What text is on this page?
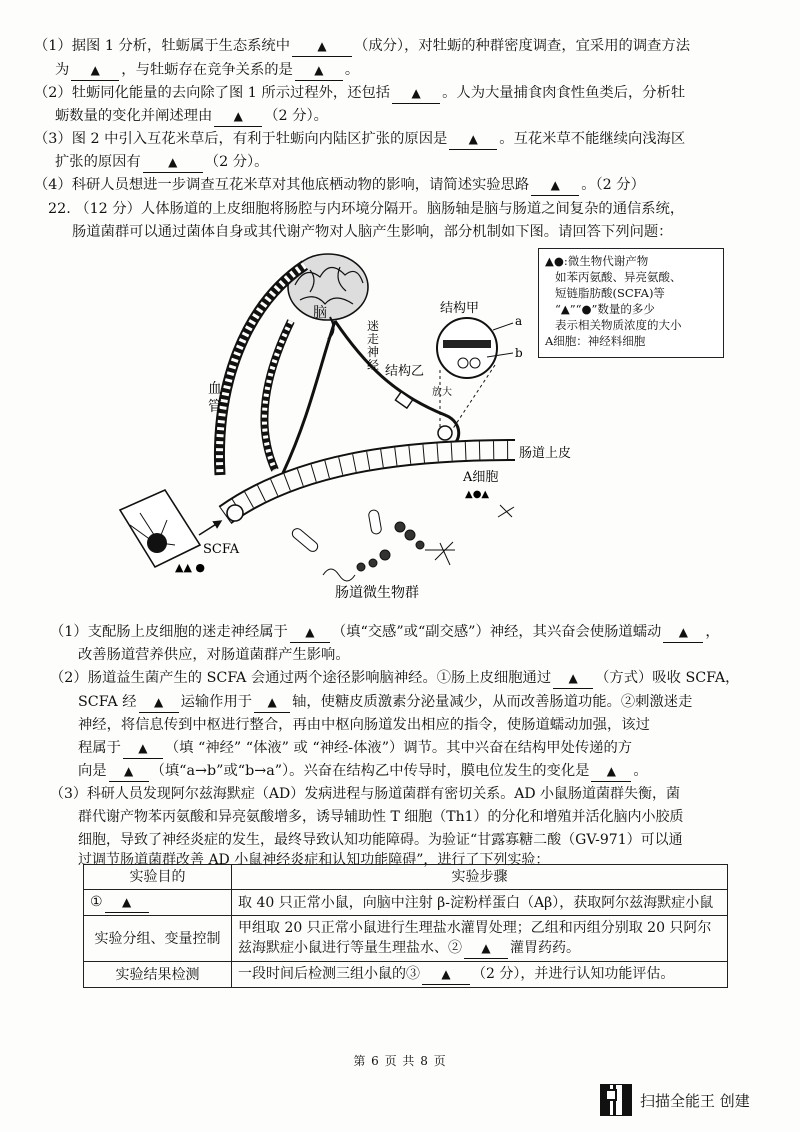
（1）据图 1 分析，牡蛎属于生态系统中 ▲ （成分），对牡蛎的种群密度调查，宜采用的调查方法
为 ▲ ，与牡蛎存在竞争关系的是 ▲ 。
（2）牡蛎同化能量的去向除了图 1 所示过程外，还包括 ▲ 。人为大量捕食肉食性鱼类后，分析牡
蛎数量的变化并阐述理由 ▲ （2 分）。
（3）图 2 中引入互花米草后，有利于牡蛎向内陆区扩张的原因是 ▲ 。互花米草不能继续向浅海区
扩张的原因有 ▲ （2 分）。
（4）科研人员想进一步调查互花米草对其他底栖动物的影响，请简述实验思路 ▲ 。（2 分）
22. （12 分）人体肠道的上皮细胞将肠腔与内环境分隔开。脑肠轴是脑与肠道之间复杂的通信系统，
肠道菌群可以通过菌体自身或其代谢产物对人脑产生影响，部分机制如下图。请回答下列问题：
脑
血管
迷走神经 结构乙
放大
结构甲
a
b
肠道上皮
A细胞
SCFA
▲▲ ●
肠道微生物群
▲●▲
▲●:微生物代谢产物
如苯丙氨酸、异亮氨酸、
短链脂肪酸(SCFA)等
“▲”“●”数量的多少
表示相关物质浓度的大小
A细胞：神经料细胞
（1）支配肠上皮细胞的迷走神经属于 ▲ （填“交感”或“副交感”）神经，其兴奋会使肠道蠕动 ▲ ，
改善肠道营养供应，对肠道菌群产生影响。
（2）肠道益生菌产生的 SCFA 会通过两个途径影响脑神经。①肠上皮细胞通过 ▲ （方式）吸收 SCFA，
SCFA 经 ▲ 运输作用于 ▲ 轴，使糖皮质激素分泌量减少，从而改善肠道功能。②刺激迷走
神经，将信息传到中枢进行整合，再由中枢向肠道发出相应的指令，使肠道蠕动加强，该过
程属于 ▲ （填 “神经” “体液” 或 “神经-体液”）调节。其中兴奋在结构甲处传递的方
向是 ▲ （填“a→b”或“b→a”）。兴奋在结构乙中传导时，膜电位发生的变化是 ▲ 。
（3）科研人员发现阿尔兹海默症（AD）发病进程与肠道菌群有密切关系。AD 小鼠肠道菌群失衡，菌
群代谢产物苯丙氨酸和异亮氨酸增多，诱导辅助性 T 细胞（Th1）的分化和增殖并活化脑内小胶质
细胞，导致了神经炎症的发生，最终导致认知功能障碍。为验证“甘露寡糖二酸（GV-971）可以通
过调节肠道菌群改善 AD 小鼠神经炎症和认知功能障碍”，进行了下列实验：
实验目的	实验步骤
① ▲	取 40 只正常小鼠，向脑中注射 β-淀粉样蛋白（Aβ），获取阿尔兹海默症小鼠
实验分组、变量控制	甲组取 20 只正常小鼠进行生理盐水灌胃处理；乙组和丙组分别取 20 只阿尔兹海默症小鼠进行等量生理盐水、② ▲ 灌胃药药。
实验结果检测	一段时间后检测三组小鼠的③ ▲ （2 分），并进行认知功能评估。
第 6 页 共 8 页
扫描全能王 创建
